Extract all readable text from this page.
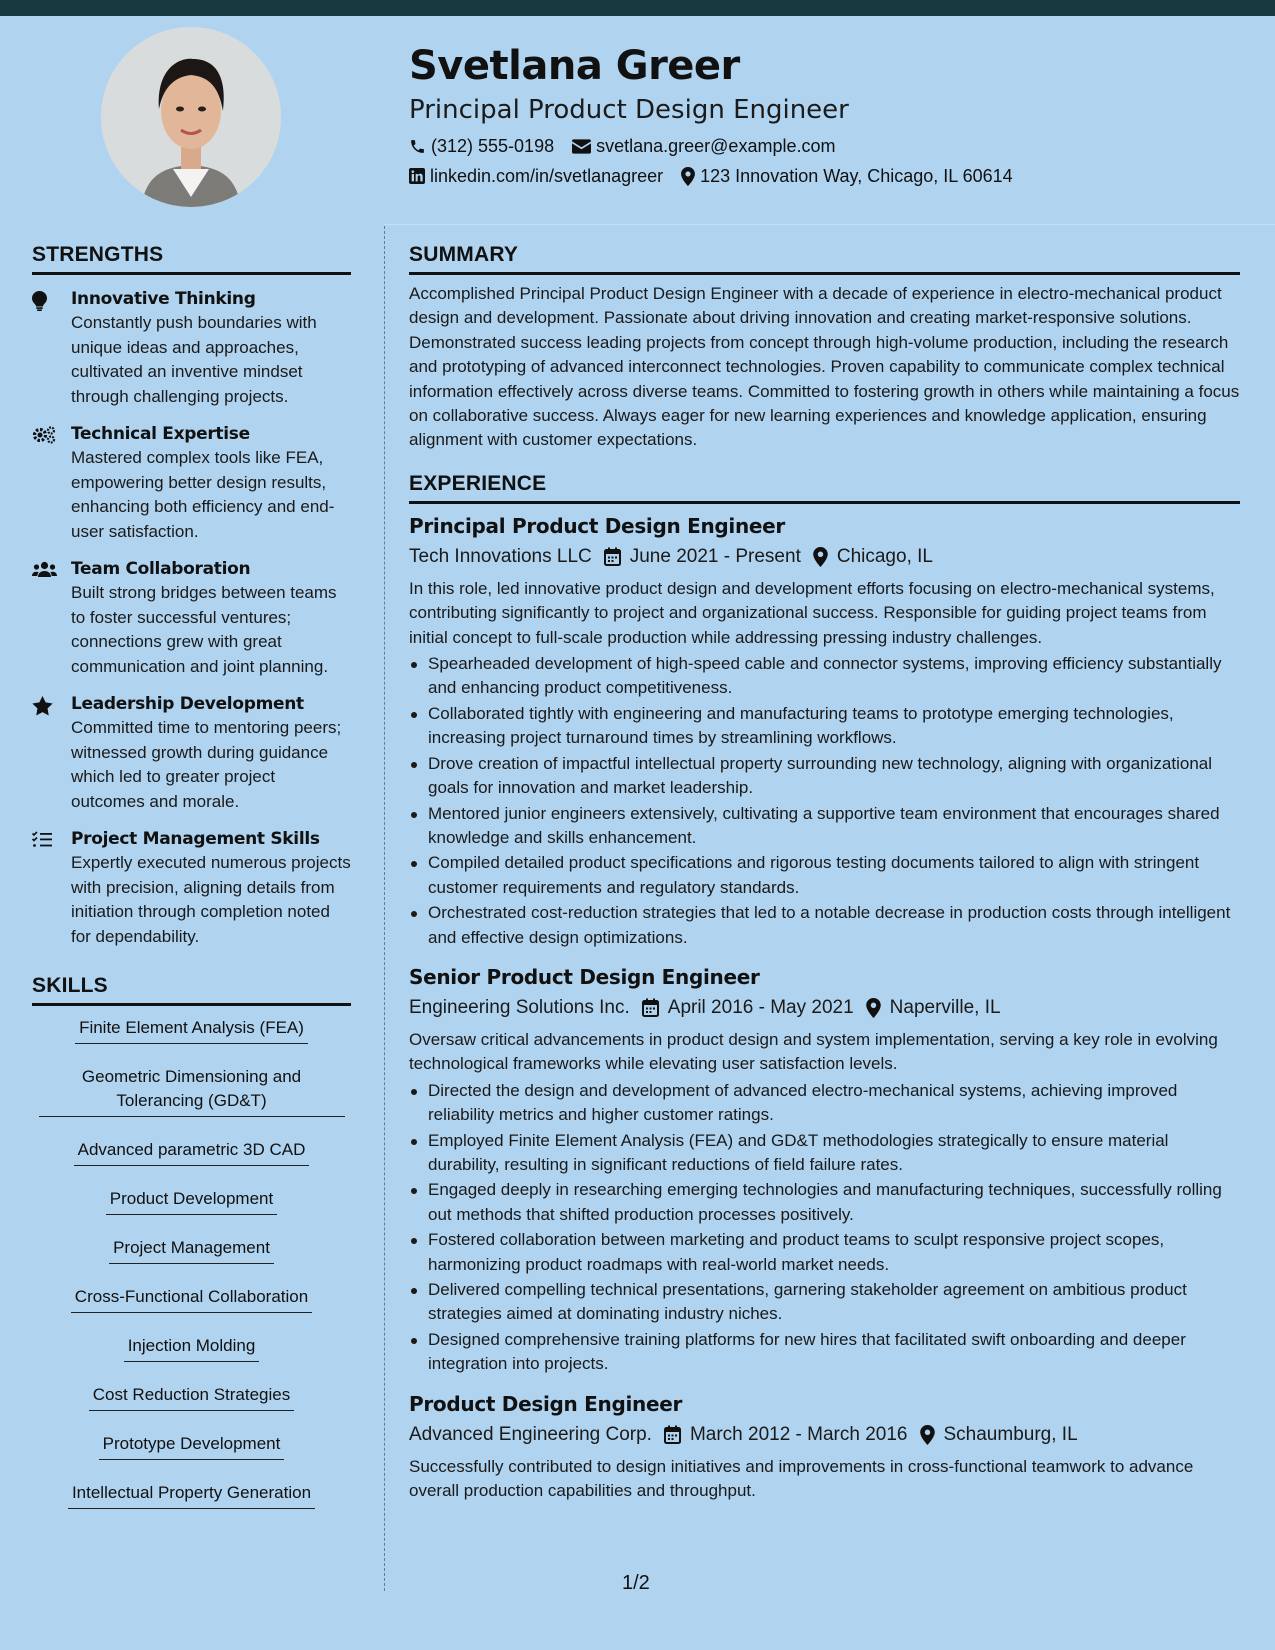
Svetlana Greer
Principal Product Design Engineer
(312) 555-0198 svetlana.greer@example.com
linkedin.com/in/svetlanagreer 123 Innovation Way, Chicago, IL 60614
STRENGTHS
Innovative Thinking
Constantly push boundaries with unique ideas and approaches, cultivated an inventive mindset through challenging projects.
Technical Expertise
Mastered complex tools like FEA, empowering better design results, enhancing both efficiency and end-user satisfaction.
Team Collaboration
Built strong bridges between teams to foster successful ventures; connections grew with great communication and joint planning.
Leadership Development
Committed time to mentoring peers; witnessed growth during guidance which led to greater project outcomes and morale.
Project Management Skills
Expertly executed numerous projects with precision, aligning details from initiation through completion noted for dependability.
SKILLS
Finite Element Analysis (FEA)
Geometric Dimensioning and Tolerancing (GD&T)
Advanced parametric 3D CAD
Product Development
Project Management
Cross-Functional Collaboration
Injection Molding
Cost Reduction Strategies
Prototype Development
Intellectual Property Generation
SUMMARY

Accomplished Principal Product Design Engineer with a decade of experience in electro-mechanical product design and development. Passionate about driving innovation and creating market-responsive solutions. Demonstrated success leading projects from concept through high-volume production, including the research and prototyping of advanced interconnect technologies. Proven capability to communicate complex technical information effectively across diverse teams. Committed to fostering growth in others while maintaining a focus on collaborative success. Always eager for new learning experiences and knowledge application, ensuring alignment with customer expectations.

EXPERIENCE
Principal Product Design Engineer
Tech Innovations LLC June 2021 - Present Chicago, IL

In this role, led innovative product design and development efforts focusing on electro-mechanical systems, contributing significantly to project and organizational success. Responsible for guiding project teams from initial concept to full-scale production while addressing pressing industry challenges.

Spearheaded development of high-speed cable and connector systems, improving efficiency substantially and enhancing product competitiveness.
Collaborated tightly with engineering and manufacturing teams to prototype emerging technologies, increasing project turnaround times by streamlining workflows.
Drove creation of impactful intellectual property surrounding new technology, aligning with organizational goals for innovation and market leadership.
Mentored junior engineers extensively, cultivating a supportive team environment that encourages shared knowledge and skills enhancement.
Compiled detailed product specifications and rigorous testing documents tailored to align with stringent customer requirements and regulatory standards.
Orchestrated cost-reduction strategies that led to a notable decrease in production costs through intelligent and effective design optimizations.
Senior Product Design Engineer
Engineering Solutions Inc. April 2016 - May 2021 Naperville, IL

Oversaw critical advancements in product design and system implementation, serving a key role in evolving technological frameworks while elevating user satisfaction levels.

Directed the design and development of advanced electro-mechanical systems, achieving improved reliability metrics and higher customer ratings.
Employed Finite Element Analysis (FEA) and GD&T methodologies strategically to ensure material durability, resulting in significant reductions of field failure rates.
Engaged deeply in researching emerging technologies and manufacturing techniques, successfully rolling out methods that shifted production processes positively.
Fostered collaboration between marketing and product teams to sculpt responsive project scopes, harmonizing product roadmaps with real-world market needs.
Delivered compelling technical presentations, garnering stakeholder agreement on ambitious product strategies aimed at dominating industry niches.
Designed comprehensive training platforms for new hires that facilitated swift onboarding and deeper integration into projects.
Product Design Engineer
Advanced Engineering Corp. March 2012 - March 2016 Schaumburg, IL

Successfully contributed to design initiatives and improvements in cross-functional teamwork to advance overall production capabilities and throughput.

1/2
